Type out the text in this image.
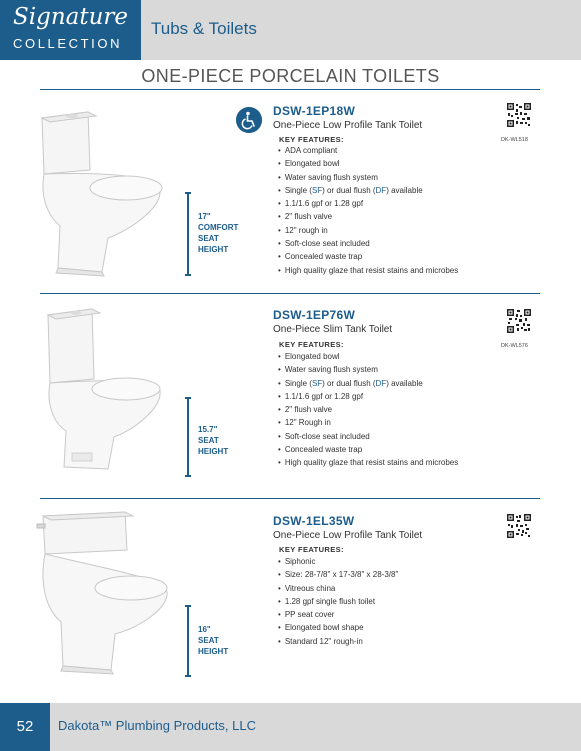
Signature
COLLECTION
Tubs & Toilets
ONE-PIECE PORCELAIN TOILETS
17"
COMFORT
SEAT
HEIGHT
DSW-1EP18W
One-Piece Low Profile Tank Toilet
KEY FEATURES:
• ADA compliant
• Elongated bowl
• Water saving flush system
• Single (SF) or dual flush (DF) available
• 1.1/1.6 gpf or 1.28 gpf
• 2" flush valve
• 12" rough in
• Soft-close seat included
• Concealed waste trap
• High quality glaze that resist stains and microbes
DK-WL518
15.7"
SEAT
HEIGHT
DSW-1EP76W
One-Piece Slim Tank Toilet
KEY FEATURES:
• Elongated bowl
• Water saving flush system
• Single (SF) or dual flush (DF) available
• 1.1/1.6 gpf or 1.28 gpf
• 2" flush valve
• 12" Rough in
• Soft-close seat included
• Concealed waste trap
• High quality glaze that resist stains and microbes
DK-WL576
16"
SEAT
HEIGHT
DSW-1EL35W
One-Piece Low Profile Tank Toilet
KEY FEATURES:
• Siphonic
• Size: 28-7/8" x 17-3/8" x 28-3/8"
• Vitreous china
• 1.28 gpf single flush toilet
• PP seat cover
• Elongated bowl shape
• Standard 12" rough-in
52	Dakota™ Plumbing Products, LLC
